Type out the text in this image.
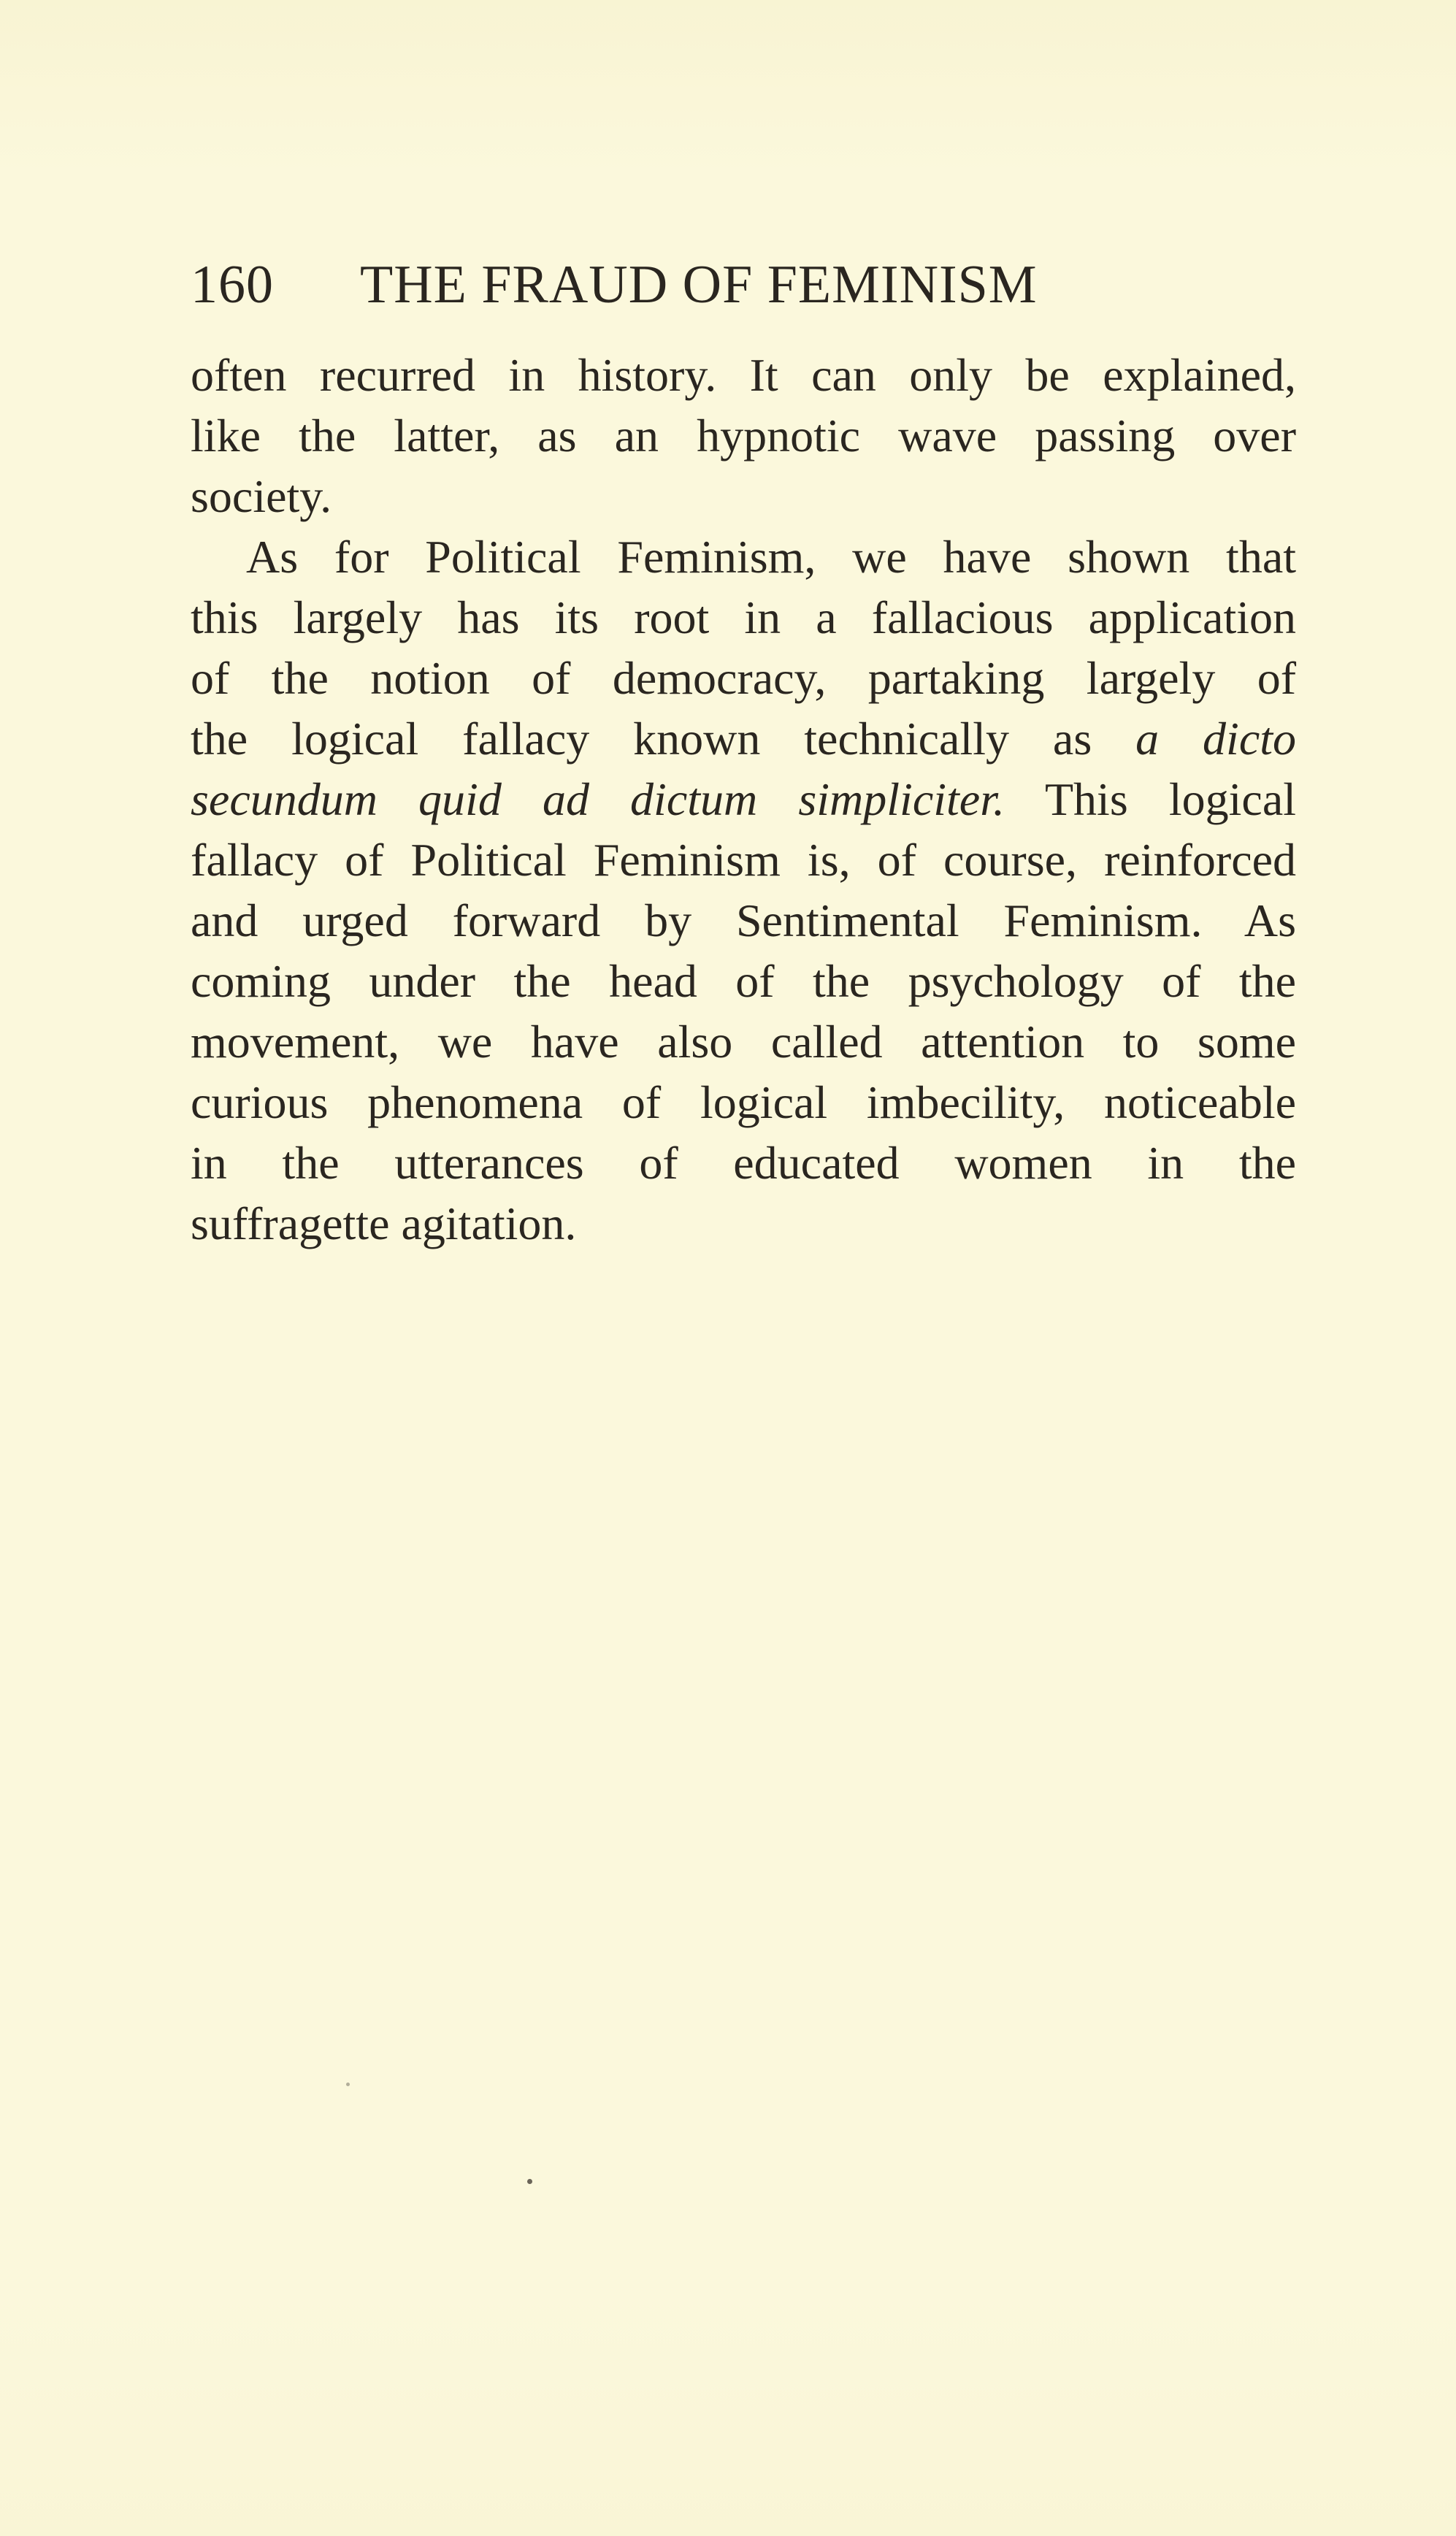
160 THE FRAUD OF FEMINISM
often recurred in history. It can only be explained,
like the latter, as an hypnotic wave passing over
society.
As for Political Feminism, we have shown that
this largely has its root in a fallacious application
of the notion of democracy, partaking largely of
the logical fallacy known technically as a dicto
secundum quid ad dictum simpliciter. This logical
fallacy of Political Feminism is, of course, reinforced
and urged forward by Sentimental Feminism. As
coming under the head of the psychology of the
movement, we have also called attention to some
curious phenomena of logical imbecility, noticeable
in the utterances of educated women in the
suffragette agitation.
